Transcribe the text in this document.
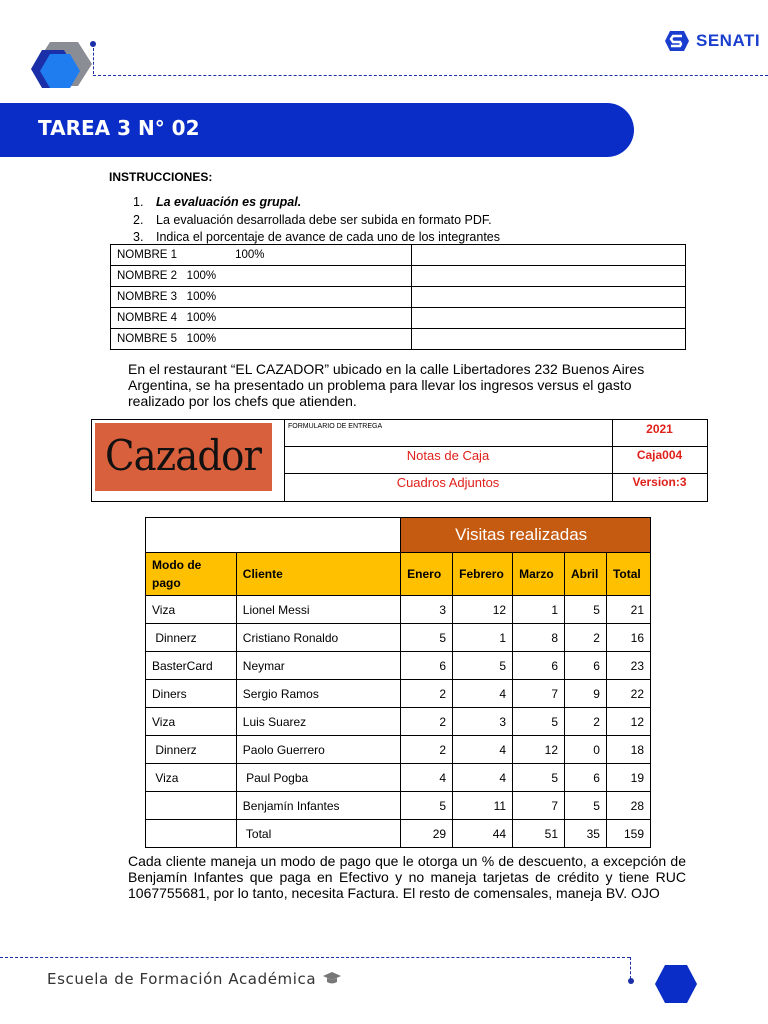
SENATI
TAREA 3 N° 02
INSTRUCCIONES:
1. La evaluación es grupal.
2. La evaluación desarrollada debe ser subida en formato PDF.
3. Indica el porcentaje de avance de cada uno de los integrantes
NOMBRE 1 100%	
NOMBRE 2 100%	
NOMBRE 3 100%	
NOMBRE 4 100%	
NOMBRE 5 100%	
En el restaurant “EL CAZADOR” ubicado en la calle Libertadores 232 Buenos Aires Argentina, se ha presentado un problema para llevar los ingresos versus el gasto realizado por los chefs que atienden.
Cazador
FORMULARIO DE ENTREGA	2021
Notas de Caja	Caja004
Cuadros Adjuntos	Version:3
		Visitas realizadas				
Modo de pago	Cliente	Enero	Febrero	Marzo	Abril	Total
Viza	Lionel Messi	3	12	1	5	21
Dinnerz	Cristiano Ronaldo	5	1	8	2	16
BasterCard	Neymar	6	5	6	6	23
Diners	Sergio Ramos	2	4	7	9	22
Viza	Luis Suarez	2	3	5	2	12
Dinnerz	Paolo Guerrero	2	4	12	0	18
Viza	Paul Pogba	4	4	5	6	19
	Benjamín Infantes	5	11	7	5	28
	Total	29	44	51	35	159
Cada cliente maneja un modo de pago que le otorga un % de descuento, a excepción de Benjamín Infantes que paga en Efectivo y no maneja tarjetas de crédito y tiene RUC 1067755681, por lo tanto, necesita Factura. El resto de comensales, maneja BV. OJO
Escuela de Formación Académica
